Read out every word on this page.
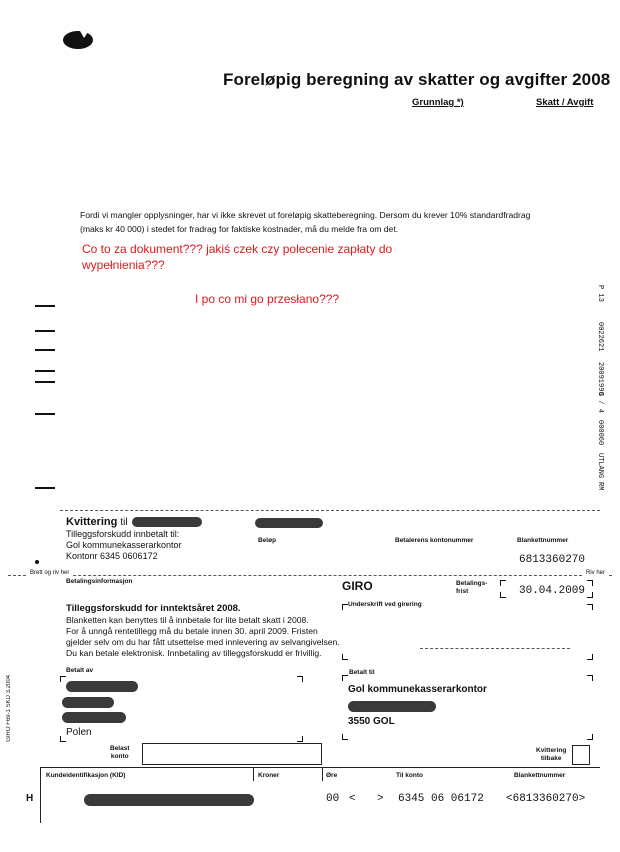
Foreløpig beregning av skatter og avgifter 2008
Grunnlag *)	Skatt / Avgift
Fordi vi mangler opplysninger, har vi ikke skrevet ut foreløpig skatteberegning. Dersom du krever 10% standardfradrag
(maks kr 40 000) i stedet for fradrag for faktiske kostnader, må du melde fra om det.
Co to za dokument??? jakiś czek czy polecenie zapłaty do
wypełnienia???
I po co mi go przesłano???	P 13
0022621
20091996
3 / 4
000060
UTLANG
RM
Kvittering til
Tilleggsforskudd innbetalt til:
Gol kommunekasserarkontor
Kontonr 6345 0606172
Beløp	Betalerens kontonummer	Blankettnummer
6813360270
Brett og riv her	Riv her
Betalingsinformasjon	GIRO	Betalings-
frist	30.04.2009
Underskrift ved girering
Tilleggsforskudd for inntektsåret 2008.
Blanketten kan benyttes til å innbetale for lite betalt skatt i 2008.
For å unngå rentetillegg må du betale innen 30. april 2009. Fristen
gjelder selv om du har fått utsettelse med innlevering av selvangivelsen.
Du kan betale elektronisk. Innbetaling av tilleggsforskudd er frivillig.
Betalt av
Polen
GIRO F69-1 SKD 3.2004
Betalt til
Gol kommunekasserarkontor
3550 GOL
Belast
konto
Kvittering
tilbake
Kundeidentifikasjon (KID)	Kroner	Øre	Til konto	Blankettnummer
H	00 < > 6345 06 06172 <6813360270>
